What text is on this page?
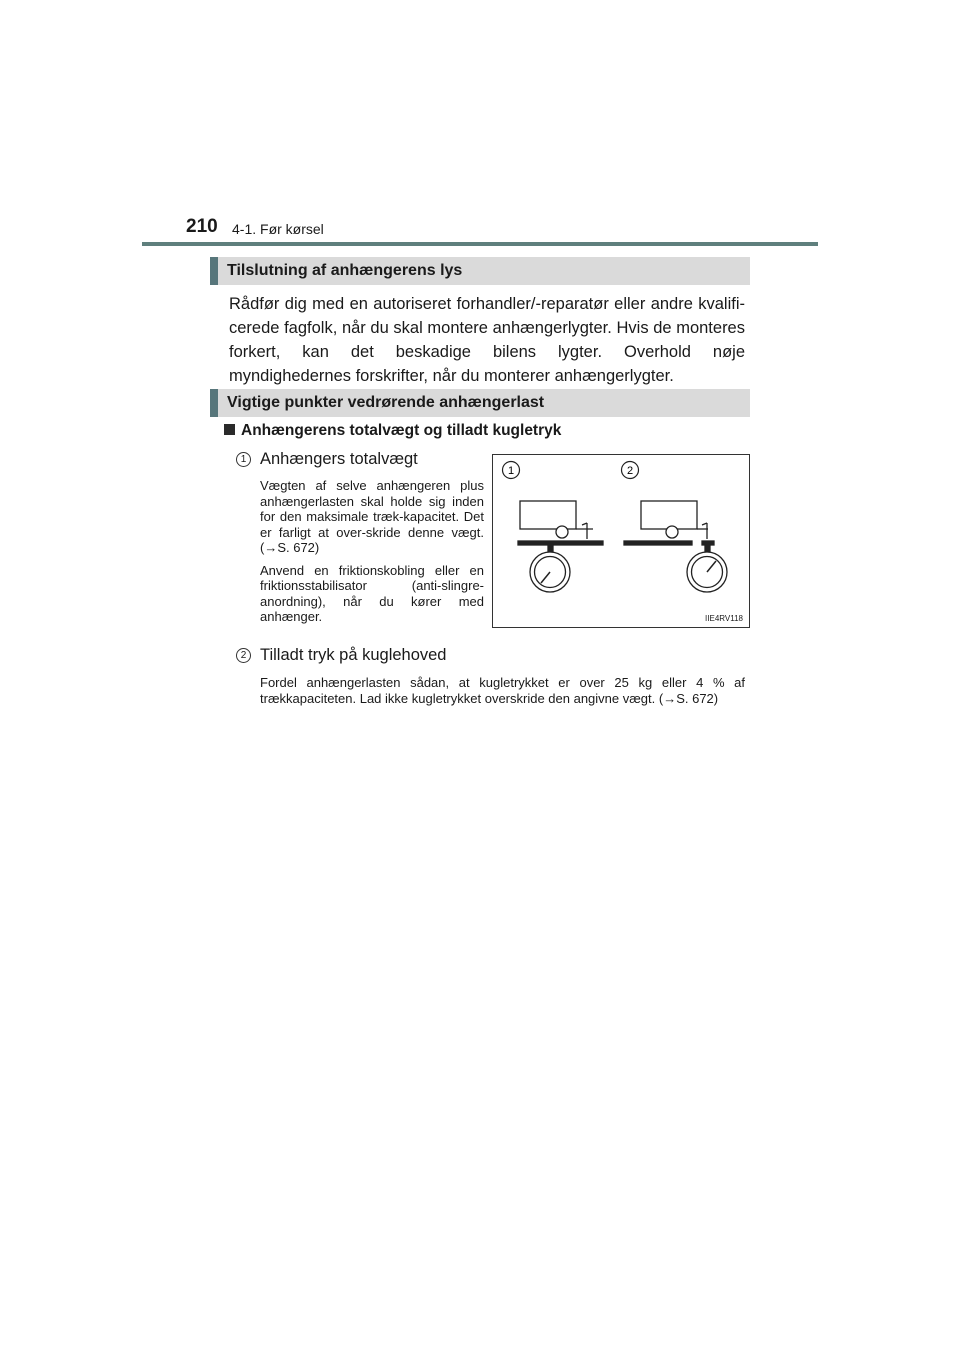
210 4-1. Før kørsel
Tilslutning af anhængerens lys
Rådfør dig med en autoriseret forhandler/-reparatør eller andre kvalifi-cerede fagfolk, når du skal montere anhængerlygter. Hvis de monteres forkert, kan det beskadige bilens lygter. Overhold nøje myndighedernes forskrifter, når du monterer anhængerlygter.
Vigtige punkter vedrørende anhængerlast
Anhængerens totalvægt og tilladt kugletryk
1 Anhængers totalvægt

Vægten af selve anhængeren plus anhængerlasten skal holde sig inden for den maksimale træk-kapacitet. Det er farligt at over-skride denne vægt. (→S. 672)

Anvend en friktionskobling eller en friktionsstabilisator (anti-slingre-anordning), når du kører med anhænger.

1	2
IIE4RV118
2 Tilladt tryk på kuglehoved

Fordel anhængerlasten sådan, at kugletrykket er over 25 kg eller 4 % af trækkapaciteten. Lad ikke kugletrykket overskride den angivne vægt. (→S. 672)
